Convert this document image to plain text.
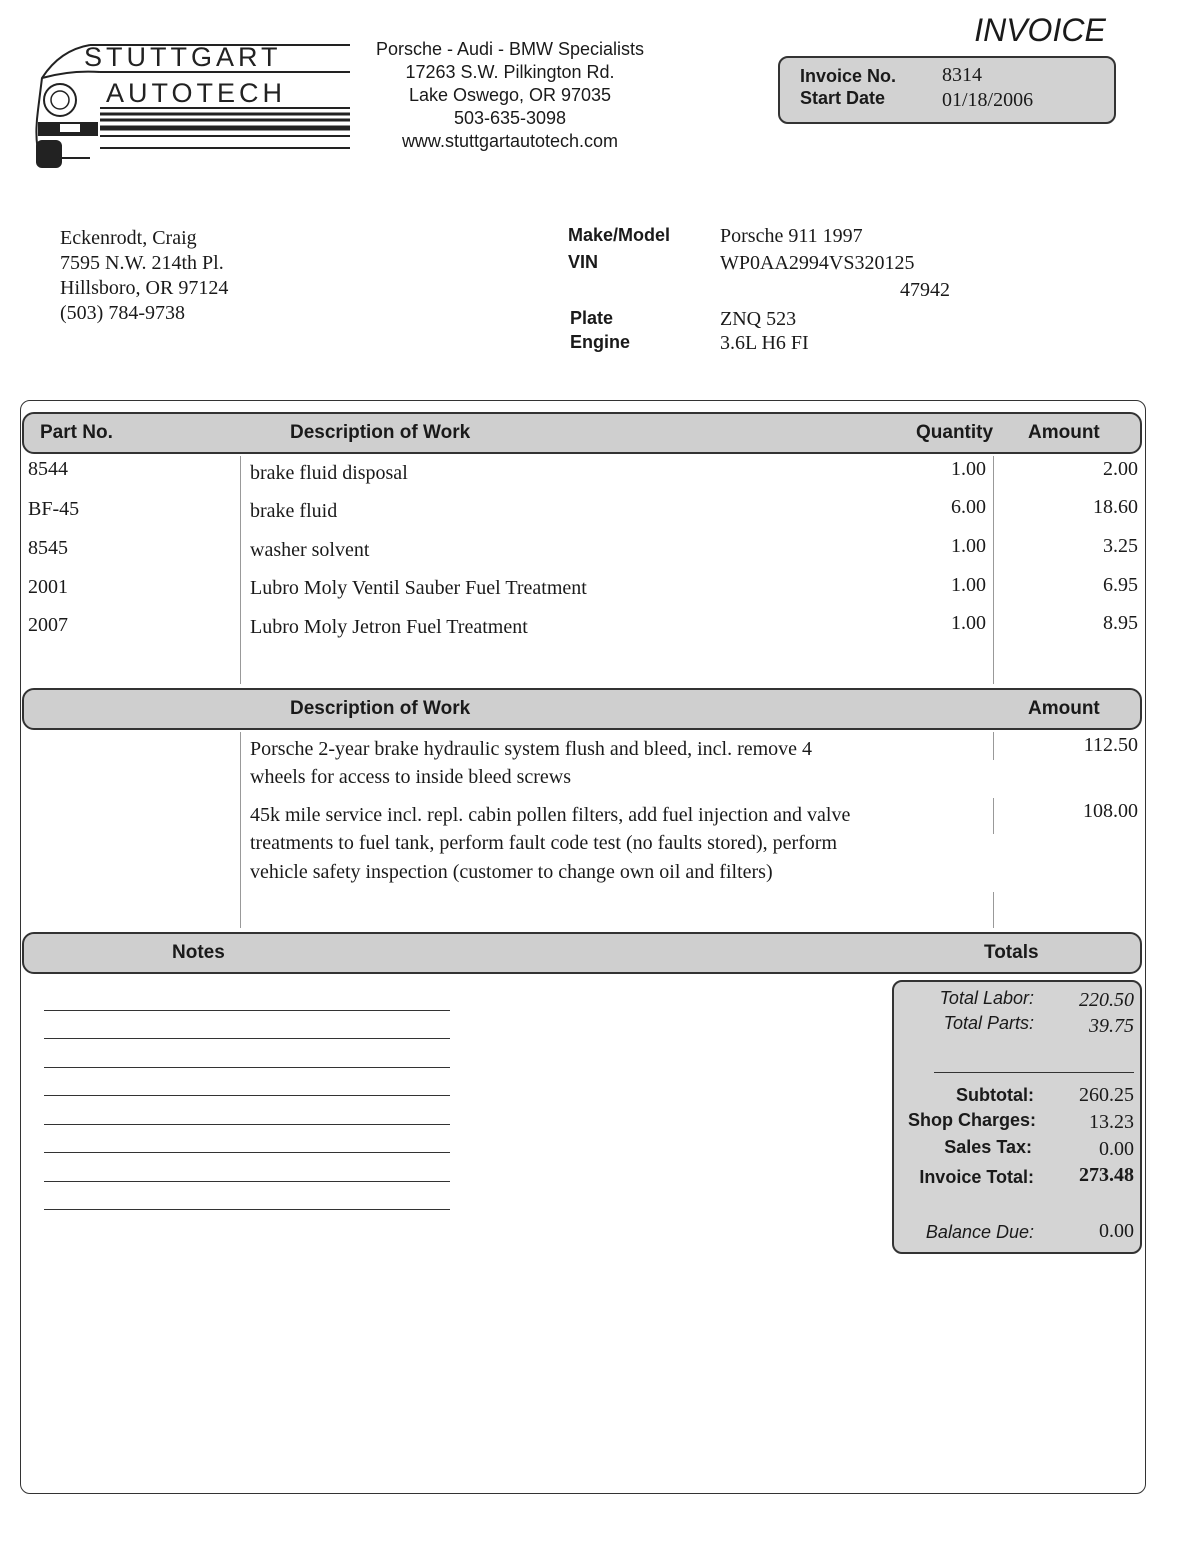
STUTTGART
AUTOTECH
Porsche - Audi - BMW Specialists
17263 S.W. Pilkington Rd.
Lake Oswego, OR 97035
503-635-3098
www.stuttgartautotech.com
INVOICE
Invoice No. 8314
Start Date	01/18/2006
Eckenrodt, Craig
7595 N.W. 214th Pl.
Hillsboro, OR 97124
(503) 784-9738
Make/Model Porsche 911 1997
VIN	WP0AA2994VS320125
47942
Plate	ZNQ 523
Engine	3.6L H6 FI
Part No.	Description of Work	Quantity Amount
8544	brake fluid disposal	1.00	2.00
BF-45	brake fluid	6.00	18.60
8545	washer solvent	1.00	3.25
2001	Lubro Moly Ventil Sauber Fuel Treatment	1.00	6.95
2007	Lubro Moly Jetron Fuel Treatment	1.00	8.95
Description of Work	Amount
Porsche 2-year brake hydraulic system flush and bleed, incl. remove 4
wheels for access to inside bleed screws
112.50
45k mile service incl. repl. cabin pollen filters, add fuel injection and valve
treatments to fuel tank, perform fault code test (no faults stored), perform
vehicle safety inspection (customer to change own oil and filters)
108.00
Notes	Totals
Total Labor: 220.50
Total Parts:	39.75
Subtotal: 260.25
Shop Charges:	13.23
Sales Tax:	0.00
Invoice Total: 273.48
Balance Due:	0.00
